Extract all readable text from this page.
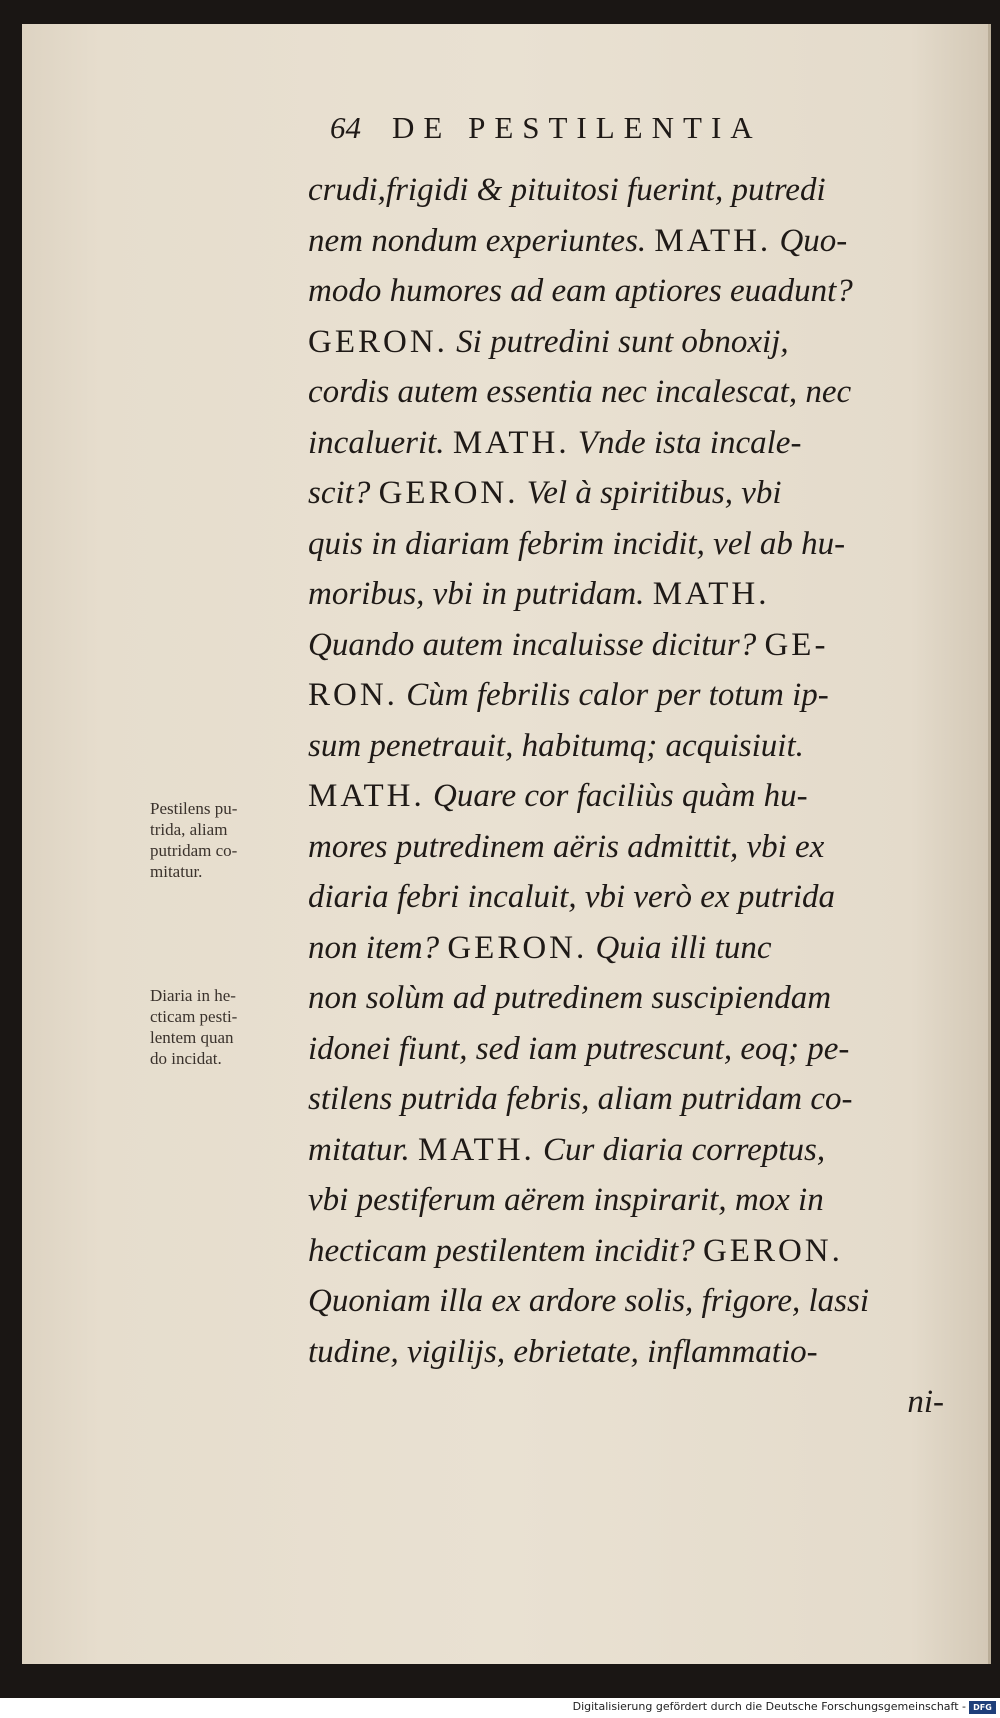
64 DE PESTILENTIA
crudi,frigidi & pituitosi fuerint, putredi
nem nondum experiuntes. MATH. Quo-
modo humores ad eam aptiores euadunt?
GERON. Si putredini sunt obnoxij,
cordis autem essentia nec incalescat, nec
incaluerit. MATH. Vnde ista incale-
scit? GERON. Vel à spiritibus, vbi
quis in diariam febrim incidit, vel ab hu-
moribus, vbi in putridam. MATH.
Quando autem incaluisse dicitur? GE-
RON. Cùm febrilis calor per totum ip-
sum penetrauit, habitumq; acquisiuit.
MATH. Quare cor faciliùs quàm hu-
mores putredinem aëris admittit, vbi ex
diaria febri incaluit, vbi verò ex putrida
non item? GERON. Quia illi tunc
non solùm ad putredinem suscipiendam
idonei fiunt, sed iam putrescunt, eoq; pe-
stilens putrida febris, aliam putridam co-
mitatur. MATH. Cur diaria correptus,
vbi pestiferum aërem inspirarit, mox in
hecticam pestilentem incidit? GERON.
Quoniam illa ex ardore solis, frigore, lassi
tudine, vigilijs, ebrietate, inflammatio-
ni-
Pestilens pu-
trida, aliam
putridam co-
mitatur.
Diaria in he-
cticam pesti-
lentem quan
do incidat.
Digitalisierung gefördert durch die Deutsche Forschungsgemeinschaft - DFG
